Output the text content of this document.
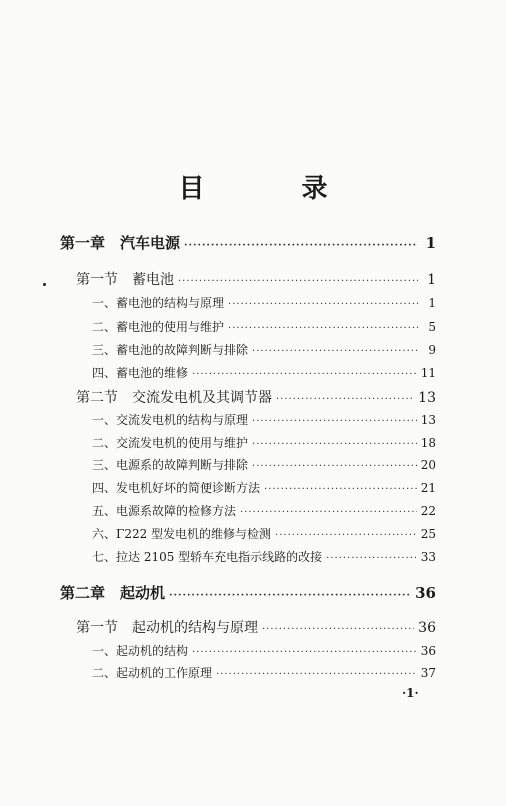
目 录
第一章　汽车电源 ·····	1
第一节　蓄电池 ·····	1
一、蓄电池的结构与原理 ·····	1
二、蓄电池的使用与维护 ·····	5
三、蓄电池的故障判断与排除 ·····	9
四、蓄电池的维修 ·····	11
第二节　交流发电机及其调节器 ·····	13
一、交流发电机的结构与原理 ·····	13
二、交流发电机的使用与维护 ·····	18
三、电源系的故障判断与排除 ·····	20
四、发电机好坏的简便诊断方法 ·····	21
五、电源系故障的检修方法 ·····	22
六、Γ222 型发电机的维修与检测 ·····	25
七、拉达 2105 型轿车充电指示线路的改接 ·····	33
第二章　起动机 ·····	36
第一节　起动机的结构与原理 ·····	36
一、起动机的结构 ·····	36
二、起动机的工作原理 ·····	37
·1·
